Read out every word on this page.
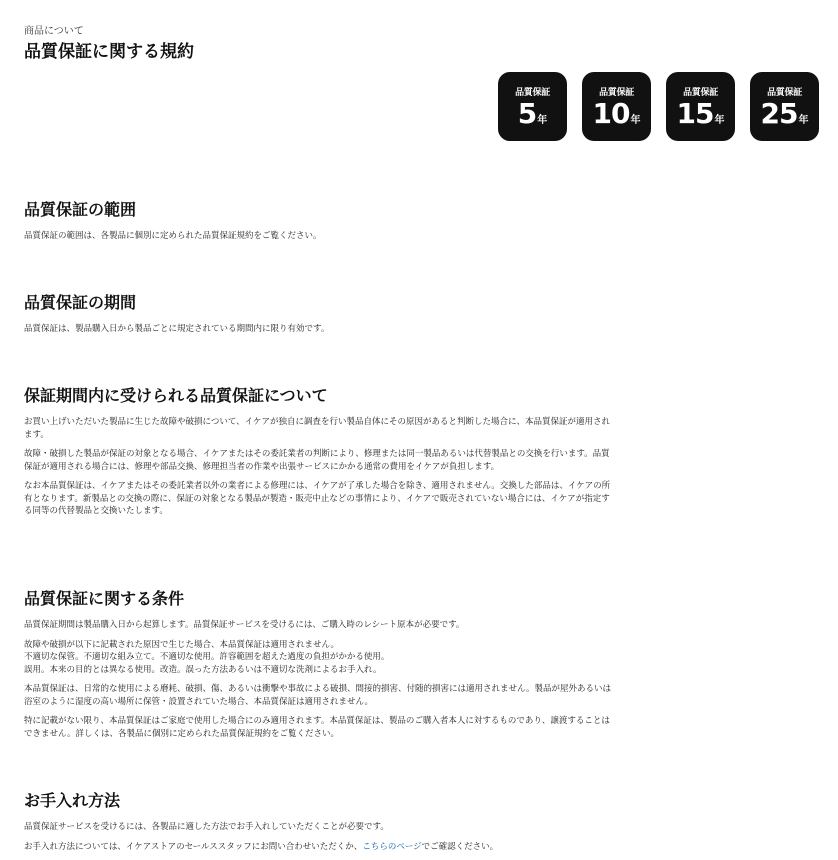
商品について
品質保証に関する規約
品質保証
5 年
品質保証
10 年
品質保証
15 年
品質保証
25 年
品質保証の範囲

品質保証の範囲は、各製品に個別に定められた品質保証規約をご覧ください。

品質保証の期間

品質保証は、製品購入日から製品ごとに規定されている期間内に限り有効です。

保証期間内に受けられる品質保証について

お買い上げいただいた製品に生じた故障や破損について、イケアが独自に調査を行い製品自体にその原因があると判断した場合に、本品質保証が適用されます。

故障・破損した製品が保証の対象となる場合、イケアまたはその委託業者の判断により、修理または同一製品あるいは代替製品との交換を行います。品質保証が適用される場合には、修理や部品交換、修理担当者の作業や出張サービスにかかる通常の費用をイケアが負担します。

なお本品質保証は、イケアまたはその委託業者以外の業者による修理には、イケアが了承した場合を除き、適用されません。交換した部品は、イケアの所有となります。新製品との交換の際に、保証の対象となる製品が製造・販売中止などの事情により、イケアで販売されていない場合には、イケアが指定する同等の代替製品と交換いたします。

品質保証に関する条件

品質保証期間は製品購入日から起算します。品質保証サービスを受けるには、ご購入時のレシート原本が必要です。

故障や破損が以下に記載された原因で生じた場合、本品質保証は適用されません。
不適切な保管。不適切な組み立て。不適切な使用。許容範囲を超えた過度の負担がかかる使用。
誤用。本来の目的とは異なる使用。改造。誤った方法あるいは不適切な洗剤によるお手入れ。

本品質保証は、日常的な使用による磨耗、破損、傷、あるいは衝撃や事故による破損、間接的損害、付随的損害には適用されません。製品が屋外あるいは浴室のように湿度の高い場所に保管・設置されていた場合、本品質保証は適用されません。

特に記載がない限り、本品質保証はご家庭で使用した場合にのみ適用されます。本品質保証は、製品のご購入者本人に対するものであり、譲渡することはできません。詳しくは、各製品に個別に定められた品質保証規約をご覧ください。

お手入れ方法

品質保証サービスを受けるには、各製品に適した方法でお手入れしていただくことが必要です。

お手入れ方法については、イケアストアのセールススタッフにお問い合わせいただくか、こちらのページでご確認ください。
